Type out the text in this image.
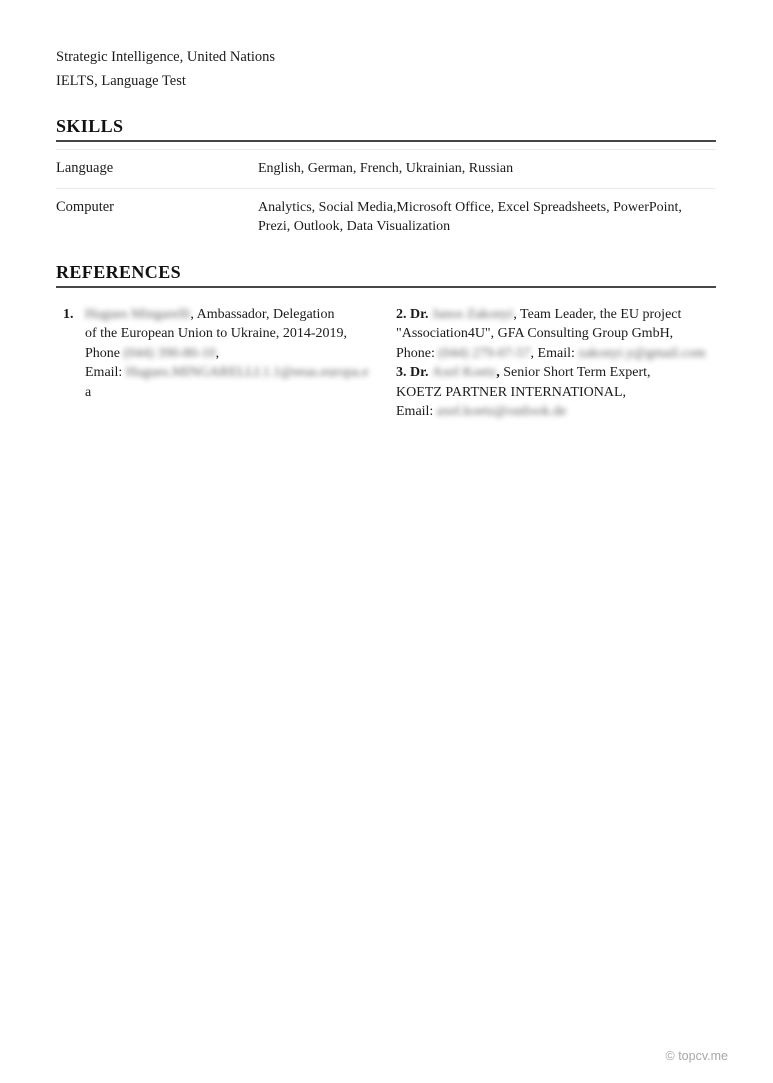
Strategic Intelligence, United Nations
IELTS, Language Test
SKILLS
Language	English, German, French, Ukrainian, Russian
Computer	Analytics, Social Media,Microsoft Office, Excel Spreadsheets, PowerPoint, Prezi, Outlook, Data Visualization
REFERENCES
1. Hugues Mingarelli, Ambassador, Delegation
of the European Union to Ukraine, 2014-2019,
Phone (044) 390-80-10,
Email: Hugues.MINGARELLI.1.1@eeas.europa.e
a
2. Dr. Janos Zakonyi, Team Leader, the EU project
"Association4U", GFA Consulting Group GmbH,
Phone: (044) 279-07-57, Email: zakonyi.y@gmail.com
3. Dr. Axel Koetz, Senior Short Term Expert,
KOETZ PARTNER INTERNATIONAL,
Email: axel.koetz@outlook.de
© topcv.me
